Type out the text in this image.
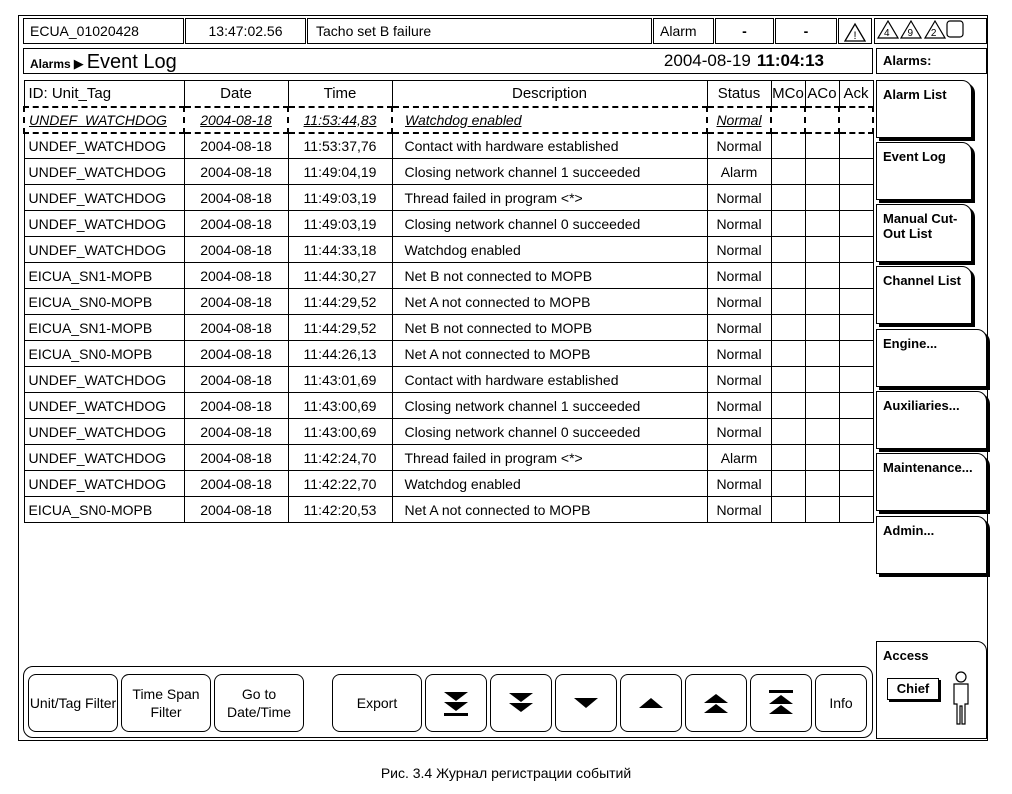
ECUA_01020428	13:47:02.56	Tacho set B failure	Alarm	-	-	!	4 9 2
Alarms ▶ Event Log	2004-08-19 11:04:13
ID: Unit_Tag	Date	Time	Description	Status	MCo	ACo	Ack
UNDEF_WATCHDOG	2004-08-18	11:53:44,83	Watchdog enabled	Normal			
UNDEF_WATCHDOG	2004-08-18	11:53:37,76	Contact with hardware established	Normal			
UNDEF_WATCHDOG	2004-08-18	11:49:04,19	Closing network channel 1 succeeded	Alarm			
UNDEF_WATCHDOG	2004-08-18	11:49:03,19	Thread failed in program <*>	Normal			
UNDEF_WATCHDOG	2004-08-18	11:49:03,19	Closing network channel 0 succeeded	Normal			
UNDEF_WATCHDOG	2004-08-18	11:44:33,18	Watchdog enabled	Normal			
EICUA_SN1-MOPB	2004-08-18	11:44:30,27	Net B not connected to MOPB	Normal			
EICUA_SN0-MOPB	2004-08-18	11:44:29,52	Net A not connected to MOPB	Normal			
EICUA_SN1-MOPB	2004-08-18	11:44:29,52	Net B not connected to MOPB	Normal			
EICUA_SN0-MOPB	2004-08-18	11:44:26,13	Net A not connected to MOPB	Normal			
UNDEF_WATCHDOG	2004-08-18	11:43:01,69	Contact with hardware established	Normal			
UNDEF_WATCHDOG	2004-08-18	11:43:00,69	Closing network channel 1 succeeded	Normal			
UNDEF_WATCHDOG	2004-08-18	11:43:00,69	Closing network channel 0 succeeded	Normal			
UNDEF_WATCHDOG	2004-08-18	11:42:24,70	Thread failed in program <*>	Alarm			
UNDEF_WATCHDOG	2004-08-18	11:42:22,70	Watchdog enabled	Normal			
EICUA_SN0-MOPB	2004-08-18	11:42:20,53	Net A not connected to MOPB	Normal			
Alarms:
Alarm List
Event Log
Manual Cut-Out List
Channel List
Engine...
Auxiliaries...
Maintenance...
Admin...
Access
Chief
Unit/Tag Filter
Time Span Filter
Go to Date/Time
Export	Info
Рис. 3.4 Журнал регистрации событий
